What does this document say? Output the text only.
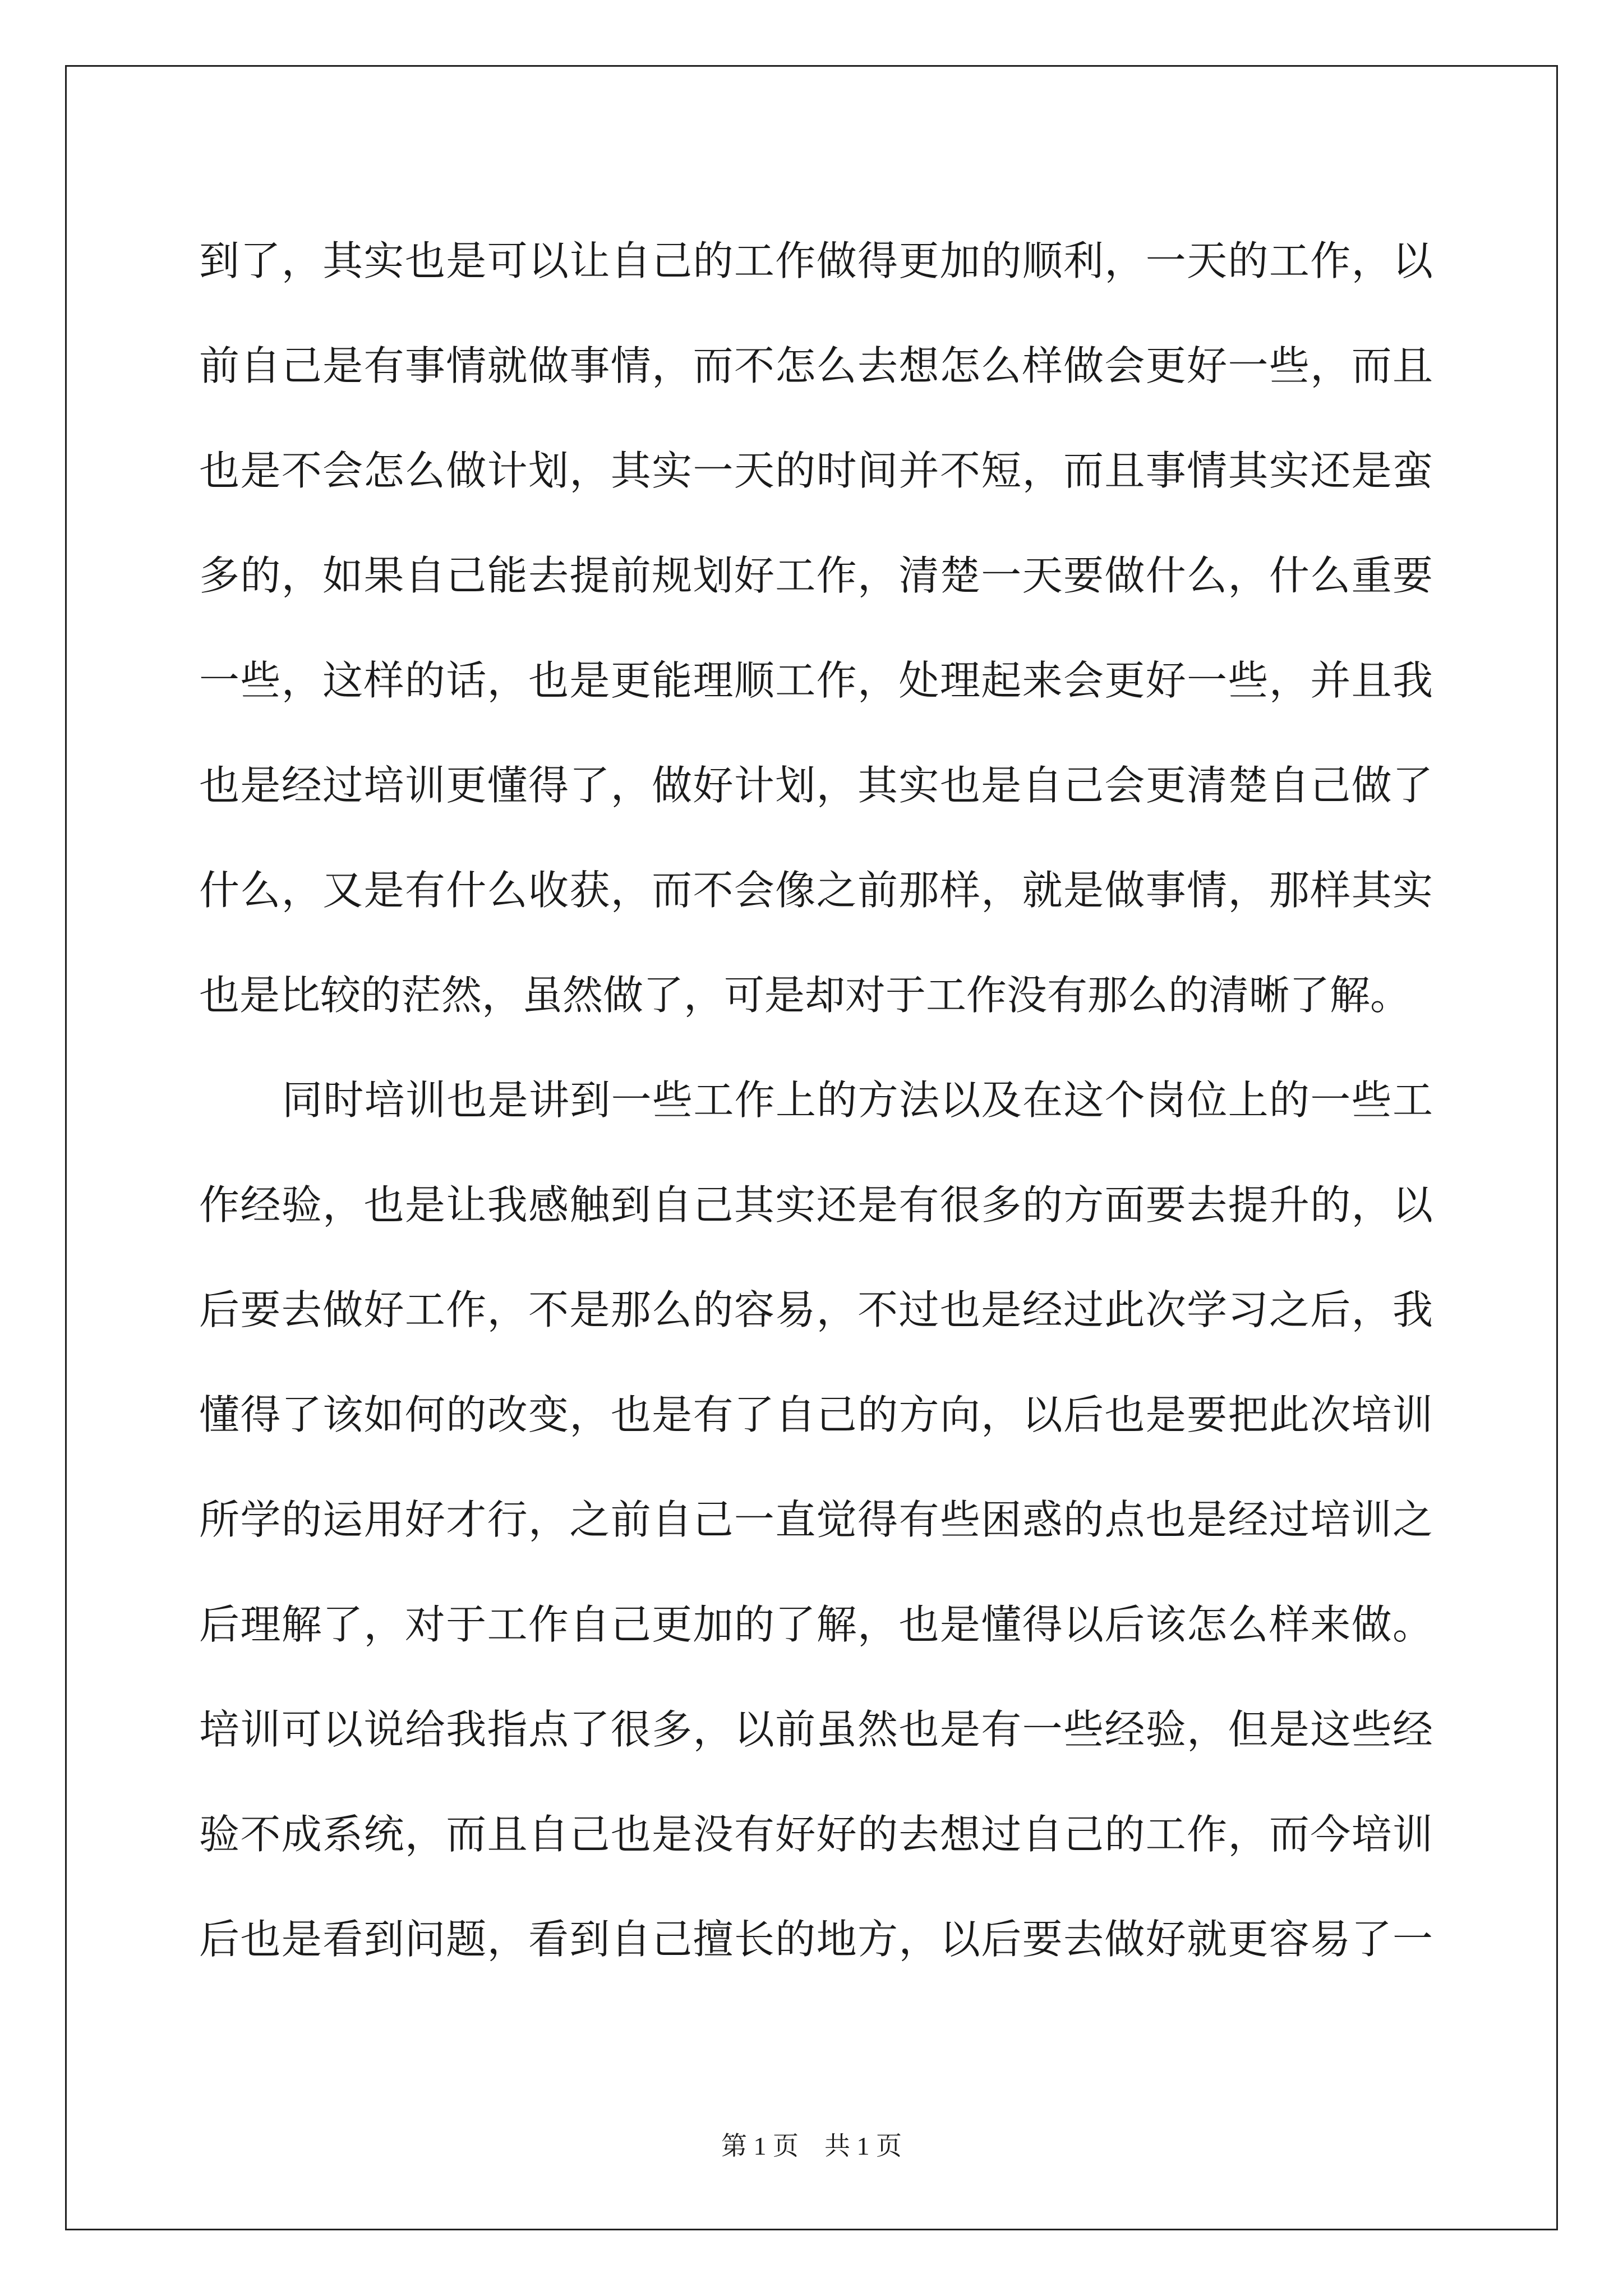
到了，其实也是可以让自己的工作做得更加的顺利，一天的工作，以
前自己是有事情就做事情，而不怎么去想怎么样做会更好一些，而且
也是不会怎么做计划，其实一天的时间并不短，而且事情其实还是蛮
多的，如果自己能去提前规划好工作，清楚一天要做什么，什么重要
一些，这样的话，也是更能理顺工作，处理起来会更好一些，并且我
也是经过培训更懂得了，做好计划，其实也是自己会更清楚自己做了
什么，又是有什么收获，而不会像之前那样，就是做事情，那样其实
也是比较的茫然，虽然做了，可是却对于工作没有那么的清晰了解。
同时培训也是讲到一些工作上的方法以及在这个岗位上的一些工
作经验，也是让我感触到自己其实还是有很多的方面要去提升的，以
后要去做好工作，不是那么的容易，不过也是经过此次学习之后，我
懂得了该如何的改变，也是有了自己的方向，以后也是要把此次培训
所学的运用好才行，之前自己一直觉得有些困惑的点也是经过培训之
后理解了，对于工作自己更加的了解，也是懂得以后该怎么样来做。
培训可以说给我指点了很多，以前虽然也是有一些经验，但是这些经
验不成系统，而且自己也是没有好好的去想过自己的工作，而今培训
后也是看到问题，看到自己擅长的地方，以后要去做好就更容易了一
第 1 页　共 1 页
